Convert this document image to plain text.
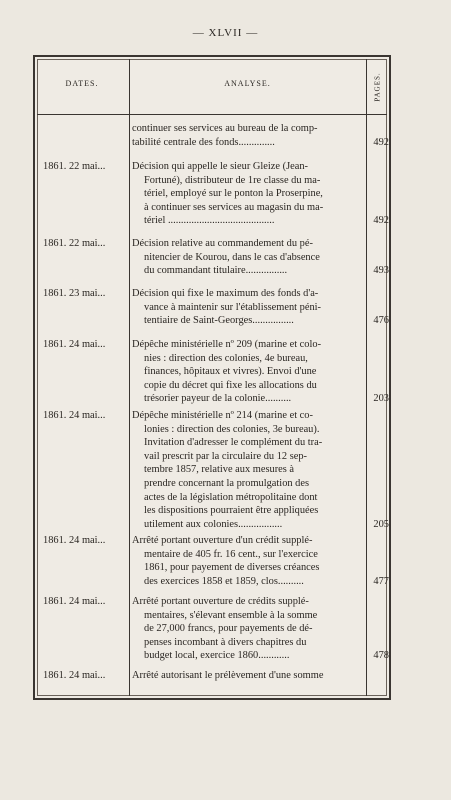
— XLVII —
DATES.	ANALYSE.	PAGES.
continuer ses services au bureau de la comp-
tabilité centrale des fonds..............	492
1861. 22 mai...	Décision qui appelle le sieur Gleize (Jean-
Fortuné), distributeur de 1re classe du ma-
tériel, employé sur le ponton la Proserpine,
à continuer ses services au magasin du ma-
tériel .........................................	492
1861. 22 mai...	Décision relative au commandement du pé-
nitencier de Kourou, dans le cas d'absence
du commandant titulaire................	493
1861. 23 mai...	Décision qui fixe le maximum des fonds d'a-
vance à maintenir sur l'établissement péni-
tentiaire de Saint-Georges................	476
1861. 24 mai...	Dépêche ministérielle nº 209 (marine et colo-
nies : direction des colonies, 4e bureau,
finances, hôpitaux et vivres). Envoi d'une
copie du décret qui fixe les allocations du
trésorier payeur de la colonie..........	203
1861. 24 mai...	Dépêche ministérielle nº 214 (marine et co-
lonies : direction des colonies, 3e bureau).
Invitation d'adresser le complément du tra-
vail prescrit par la circulaire du 12 sep-
tembre 1857, relative aux mesures à
prendre concernant la promulgation des
actes de la législation métropolitaine dont
les dispositions pourraient être appliquées
utilement aux colonies.................	205
1861. 24 mai...	Arrêté portant ouverture d'un crédit supplé-
mentaire de 405 fr. 16 cent., sur l'exercice
1861, pour payement de diverses créances
des exercices 1858 et 1859, clos..........	477
1861. 24 mai...	Arrêté portant ouverture de crédits supplé-
mentaires, s'élevant ensemble à la somme
de 27,000 francs, pour payements de dé-
penses incombant à divers chapitres du
budget local, exercice 1860............	478
1861. 24 mai...	Arrêté autorisant le prélèvement d'une somme
